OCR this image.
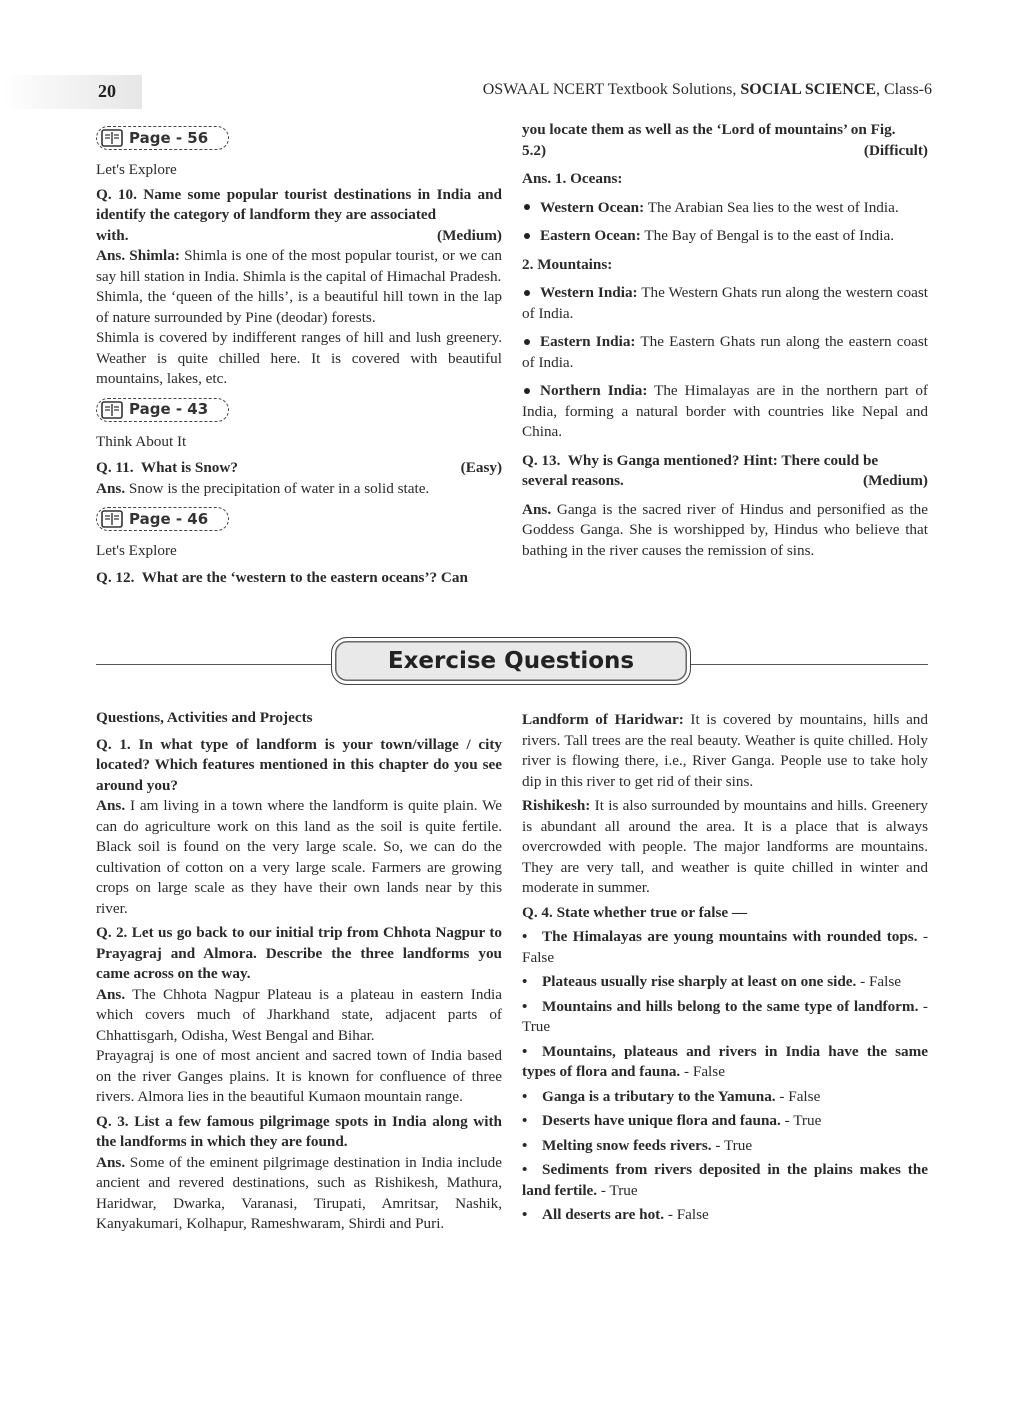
20	OSWAAL NCERT Textbook Solutions, SOCIAL SCIENCE, Class-6
Page - 56

Let's Explore

Q. 10. Name some popular tourist destinations in India and identify the category of landform they are associated

with.	(Medium)

Ans. Shimla: Shimla is one of the most popular tourist, or we can say hill station in India. Shimla is the capital of Himachal Pradesh.

Shimla, the ‘queen of the hills’, is a beautiful hill town in the lap of nature surrounded by Pine (deodar) forests.

Shimla is covered by indifferent ranges of hill and lush greenery. Weather is quite chilled here. It is covered with beautiful mountains, lakes, etc.

Page - 43

Think About It

Q. 11. What is Snow?	(Easy)

Ans. Snow is the precipitation of water in a solid state.

Page - 46

Let's Explore

Q. 12. What are the ‘western to the eastern oceans’? Can

you locate them as well as the ‘Lord of mountains’ on Fig.

5.2)	(Difficult)

Ans. 1. Oceans:

Western Ocean: The Arabian Sea lies to the west of India.

Eastern Ocean: The Bay of Bengal is to the east of India.

2. Mountains:

Western India: The Western Ghats run along the western coast of India.

Eastern India: The Eastern Ghats run along the eastern coast of India.

Northern India: The Himalayas are in the northern part of India, forming a natural border with countries like Nepal and China.

Q. 13. Why is Ganga mentioned? Hint: There could be

several reasons.	(Medium)

Ans. Ganga is the sacred river of Hindus and personified as the Goddess Ganga. She is worshipped by, Hindus who believe that bathing in the river causes the remission of sins.

Exercise Questions

Questions, Activities and Projects

Q. 1. In what type of landform is your town/village / city located? Which features mentioned in this chapter do you see around you?

Ans. I am living in a town where the landform is quite plain. We can do agriculture work on this land as the soil is quite fertile. Black soil is found on the very large scale. So, we can do the cultivation of cotton on a very large scale. Farmers are growing crops on large scale as they have their own lands near by this river.

Q. 2. Let us go back to our initial trip from Chhota Nagpur to Prayagraj and Almora. Describe the three landforms you came across on the way.

Ans. The Chhota Nagpur Plateau is a plateau in eastern India which covers much of Jharkhand state, adjacent parts of Chhattisgarh, Odisha, West Bengal and Bihar.

Prayagraj is one of most ancient and sacred town of India based on the river Ganges plains. It is known for confluence of three rivers. Almora lies in the beautiful Kumaon mountain range.

Q. 3. List a few famous pilgrimage spots in India along with the landforms in which they are found.

Ans. Some of the eminent pilgrimage destination in India include ancient and revered destinations, such as Rishikesh, Mathura, Haridwar, Dwarka, Varanasi, Tirupati, Amritsar, Nashik, Kanyakumari, Kolhapur, Rameshwaram, Shirdi and Puri.

Landform of Haridwar: It is covered by mountains, hills and rivers. Tall trees are the real beauty. Weather is quite chilled. Holy river is flowing there, i.e., River Ganga. People use to take holy dip in this river to get rid of their sins.

Rishikesh: It is also surrounded by mountains and hills. Greenery is abundant all around the area. It is a place that is always overcrowded with people. The major landforms are mountains. They are very tall, and weather is quite chilled in winter and moderate in summer.

Q. 4. State whether true or false —

• The Himalayas are young mountains with rounded tops. - False

• Plateaus usually rise sharply at least on one side. - False

• Mountains and hills belong to the same type of landform. - True

• Mountains, plateaus and rivers in India have the same types of flora and fauna. - False

• Ganga is a tributary to the Yamuna. - False

• Deserts have unique flora and fauna. - True

• Melting snow feeds rivers. - True

• Sediments from rivers deposited in the plains makes the land fertile. - True

• All deserts are hot. - False
